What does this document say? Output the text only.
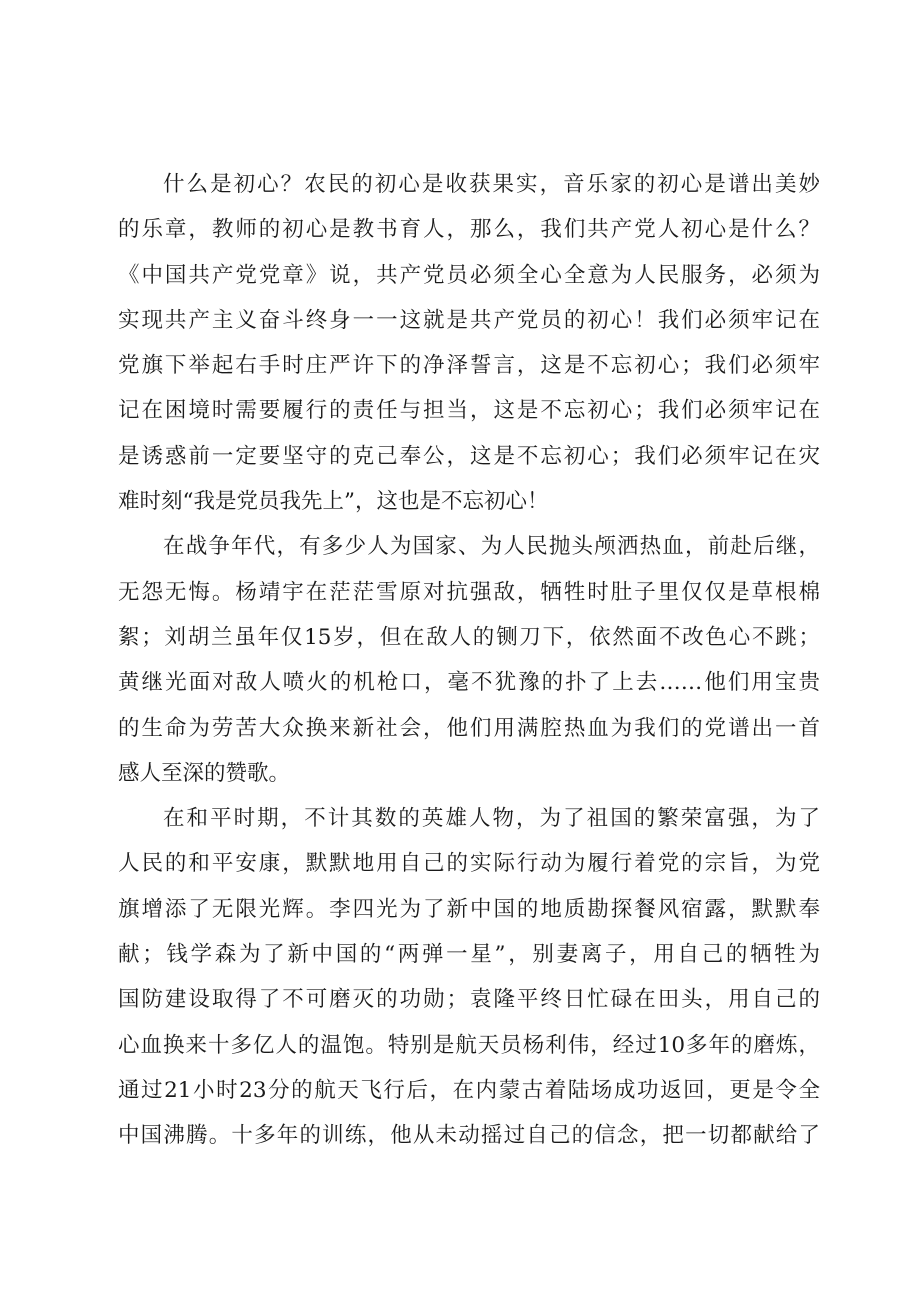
什么是初心？农民的初心是收获果实，音乐家的初心是谱出美妙
的乐章，教师的初心是教书育人，那么，我们共产党人初心是什么？
《中国共产党党章》说，共产党员必须全心全意为人民服务，必须为
实现共产主义奋斗终身一一这就是共产党员的初心！我们必须牢记在
党旗下举起右手时庄严许下的净泽誓言，这是不忘初心；我们必须牢
记在困境时需要履行的责任与担当，这是不忘初心；我们必须牢记在
是诱惑前一定要坚守的克己奉公，这是不忘初心；我们必须牢记在灾
难时刻“我是党员我先上”，这也是不忘初心！
在战争年代，有多少人为国家、为人民抛头颅洒热血，前赴后继，
无怨无悔。杨靖宇在茫茫雪原对抗强敌，牺牲时肚子里仅仅是草根棉
絮；刘胡兰虽年仅15岁，但在敌人的铡刀下，依然面不改色心不跳；
黄继光面对敌人喷火的机枪口，毫不犹豫的扑了上去……他们用宝贵
的生命为劳苦大众换来新社会，他们用满腔热血为我们的党谱出一首
感人至深的赞歌。
在和平时期，不计其数的英雄人物，为了祖国的繁荣富强，为了
人民的和平安康，默默地用自己的实际行动为履行着党的宗旨，为党
旗增添了无限光辉。李四光为了新中国的地质勘探餐风宿露，默默奉
献；钱学森为了新中国的“两弹一星”，别妻离子，用自己的牺牲为
国防建设取得了不可磨灭的功勋；袁隆平终日忙碌在田头，用自己的
心血换来十多亿人的温饱。特别是航天员杨利伟，经过10多年的磨炼，
通过21小时23分的航天飞行后，在内蒙古着陆场成功返回，更是令全
中国沸腾。十多年的训练，他从未动摇过自己的信念，把一切都献给了
